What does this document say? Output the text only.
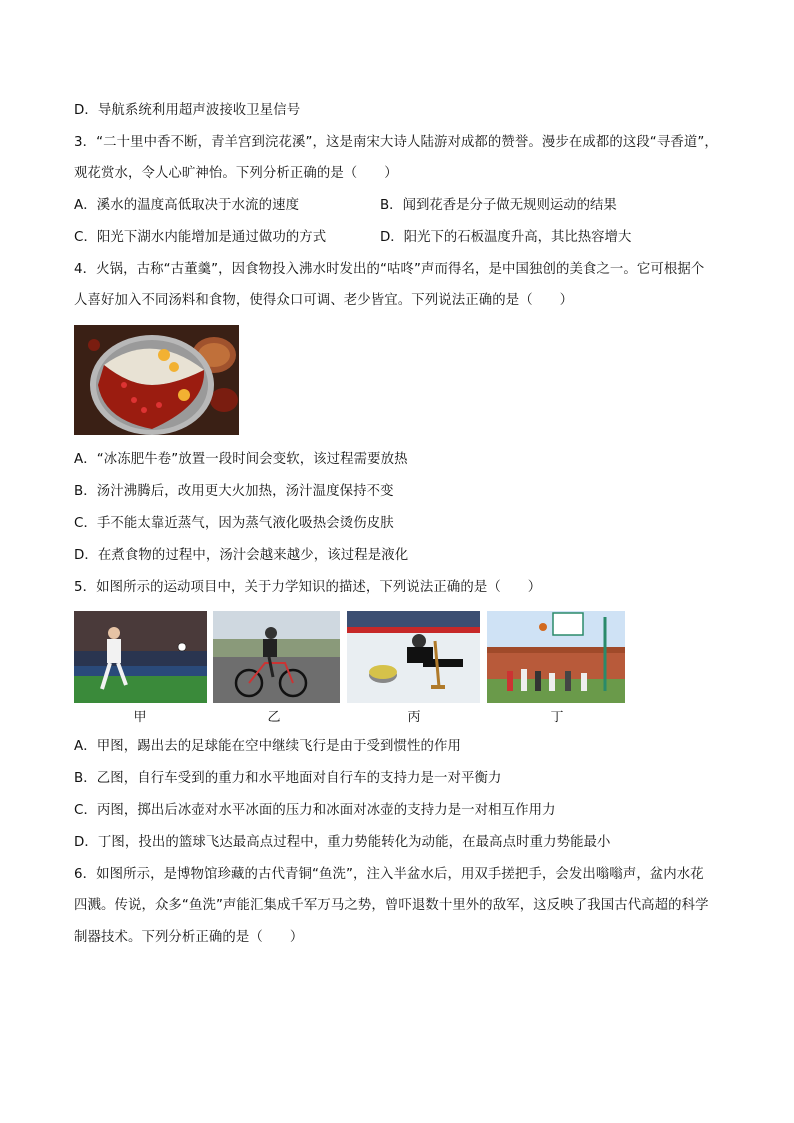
D．导航系统利用超声波接收卫星信号
3．“二十里中香不断，青羊宫到浣花溪”，这是南宋大诗人陆游对成都的赞誉。漫步在成都的这段“寻香道”，
观花赏水，令人心旷神怡。下列分析正确的是（　　）
A．溪水的温度高低取决于水流的速度	B．闻到花香是分子做无规则运动的结果
C．阳光下湖水内能增加是通过做功的方式	D．阳光下的石板温度升高，其比热容增大
4．火锅，古称“古董羹”，因食物投入沸水时发出的“咕咚”声而得名，是中国独创的美食之一。它可根据个
人喜好加入不同汤料和食物，使得众口可调、老少皆宜。下列说法正确的是（　　）
A．“冰冻肥牛卷”放置一段时间会变软，该过程需要放热
B．汤汁沸腾后，改用更大火加热，汤汁温度保持不变
C．手不能太靠近蒸气，因为蒸气液化吸热会烫伤皮肤
D．在煮食物的过程中，汤汁会越来越少，该过程是液化
5．如图所示的运动项目中，关于力学知识的描述，下列说法正确的是（　　）
甲	乙	丙	丁
A．甲图，踢出去的足球能在空中继续飞行是由于受到惯性的作用
B．乙图，自行车受到的重力和水平地面对自行车的支持力是一对平衡力
C．丙图，掷出后冰壶对水平冰面的压力和冰面对冰壶的支持力是一对相互作用力
D．丁图，投出的篮球飞达最高点过程中，重力势能转化为动能，在最高点时重力势能最小
6．如图所示，是博物馆珍藏的古代青铜“鱼洗”，注入半盆水后，用双手搓把手，会发出嗡嗡声，盆内水花
四溅。传说，众多“鱼洗”声能汇集成千军万马之势，曾吓退数十里外的敌军，这反映了我国古代高超的科学
制器技术。下列分析正确的是（　　）
